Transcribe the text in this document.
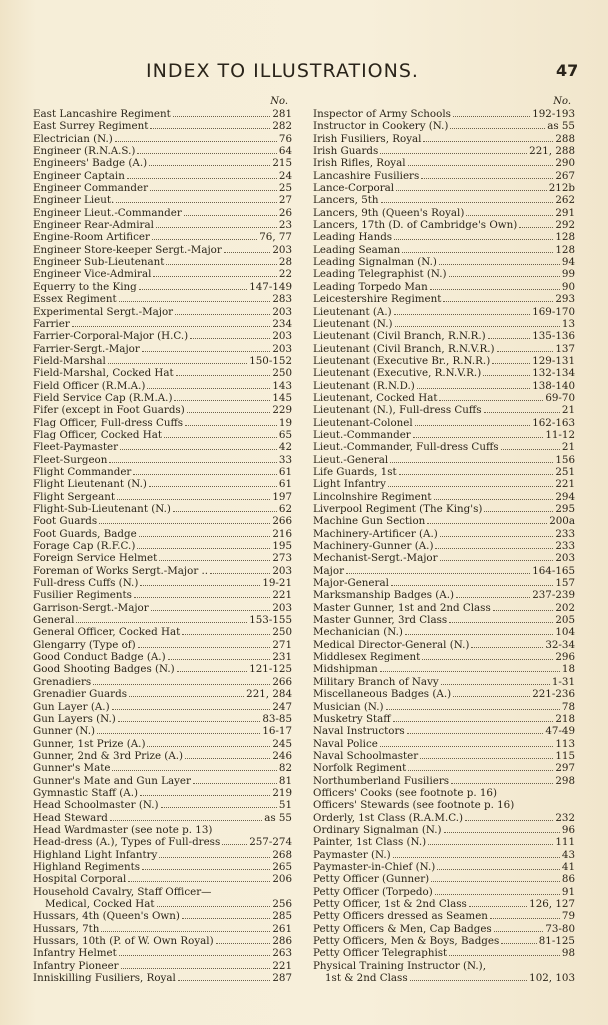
INDEX TO ILLUSTRATIONS.	47
No.
East Lancashire Regiment	281
East Surrey Regiment	282
Electrician (N.)	76
Engineer (R.N.A.S.)	64
Engineers' Badge (A.)	215
Engineer Captain	24
Engineer Commander	25
Engineer Lieut.	27
Engineer Lieut.-Commander	26
Engineer Rear-Admiral	23
Engine-Room Artificer	76, 77
Engineer Store-keeper Sergt.-Major	203
Engineer Sub-Lieutenant	28
Engineer Vice-Admiral	22
Equerry to the King	147-149
Essex Regiment	283
Experimental Sergt.-Major	203
Farrier	234
Farrier-Corporal-Major (H.C.)	203
Farrier-Sergt.-Major	203
Field-Marshal	150-152
Field-Marshal, Cocked Hat	250
Field Officer (R.M.A.)	143
Field Service Cap (R.M.A.)	145
Fifer (except in Foot Guards)	229
Flag Officer, Full-dress Cuffs	19
Flag Officer, Cocked Hat	65
Fleet-Paymaster	42
Fleet-Surgeon	33
Flight Commander	61
Flight Lieutenant (N.)	61
Flight Sergeant	197
Flight-Sub-Lieutenant (N.)	62
Foot Guards	266
Foot Guards, Badge	216
Forage Cap (R.F.C.)	195
Foreign Service Helmet	273
Foreman of Works Sergt.-Major ..	203
Full-dress Cuffs (N.)	19-21
Fusilier Regiments	221
Garrison-Sergt.-Major	203
General	153-155
General Officer, Cocked Hat	250
Glengarry (Type of)	271
Good Conduct Badge (A.)	231
Good Shooting Badges (N.)	121-125
Grenadiers	266
Grenadier Guards	221, 284
Gun Layer (A.)	247
Gun Layers (N.)	83-85
Gunner (N.)	16-17
Gunner, 1st Prize (A.)	245
Gunner, 2nd & 3rd Prize (A.)	246
Gunner's Mate	82
Gunner's Mate and Gun Layer	81
Gymnastic Staff (A.)	219
Head Schoolmaster (N.)	51
Head Steward	as 55
Head Wardmaster (see note p. 13)
Head-dress (A.), Types of Full-dress	257-274
Highland Light Infantry	268
Highland Regiments	265
Hospital Corporal	206
Household Cavalry, Staff Officer—
Medical, Cocked Hat	256
Hussars, 4th (Queen's Own)	285
Hussars, 7th	261
Hussars, 10th (P. of W. Own Royal)	286
Infantry Helmet	263
Infantry Pioneer	221
Inniskilling Fusiliers, Royal	287
No.
Inspector of Army Schools	192-193
Instructor in Cookery (N.)	as 55
Irish Fusiliers, Royal	288
Irish Guards	221, 288
Irish Rifles, Royal	290
Lancashire Fusiliers	267
Lance-Corporal	212b
Lancers, 5th	262
Lancers, 9th (Queen's Royal)	291
Lancers, 17th (D. of Cambridge's Own)	292
Leading Hands	128
Leading Seaman	128
Leading Signalman (N.)	94
Leading Telegraphist (N.)	99
Leading Torpedo Man	90
Leicestershire Regiment	293
Lieutenant (A.)	169-170
Lieutenant (N.)	13
Lieutenant (Civil Branch, R.N.R.)	135-136
Lieutenant (Civil Branch, R.N.V.R.)	137
Lieutenant (Executive Br., R.N.R.)	129-131
Lieutenant (Executive, R.N.V.R.)	132-134
Lieutenant (R.N.D.)	138-140
Lieutenant, Cocked Hat	69-70
Lieutenant (N.), Full-dress Cuffs	21
Lieutenant-Colonel	162-163
Lieut.-Commander	11-12
Lieut.-Commander, Full-dress Cuffs	21
Lieut.-General	156
Life Guards, 1st	251
Light Infantry	221
Lincolnshire Regiment	294
Liverpool Regiment (The King's)	295
Machine Gun Section	200a
Machinery-Artificer (A.)	233
Machinery-Gunner (A.)	233
Mechanist-Sergt.-Major	203
Major	164-165
Major-General	157
Marksmanship Badges (A.)	237-239
Master Gunner, 1st and 2nd Class	202
Master Gunner, 3rd Class	205
Mechanician (N.)	104
Medical Director-General (N.)	32-34
Middlesex Regiment	296
Midshipman	18
Military Branch of Navy	1-31
Miscellaneous Badges (A.)	221-236
Musician (N.)	78
Musketry Staff	218
Naval Instructors	47-49
Naval Police	113
Naval Schoolmaster	115
Norfolk Regiment	297
Northumberland Fusiliers	298
Officers' Cooks (see footnote p. 16)
Officers' Stewards (see footnote p. 16)
Orderly, 1st Class (R.A.M.C.)	232
Ordinary Signalman (N.)	96
Painter, 1st Class (N.)	111
Paymaster (N.)	43
Paymaster-in-Chief (N.)	41
Petty Officer (Gunner)	86
Petty Officer (Torpedo)	91
Petty Officer, 1st & 2nd Class	126, 127
Petty Officers dressed as Seamen	79
Petty Officers & Men, Cap Badges	73-80
Petty Officers, Men & Boys, Badges	81-125
Petty Officer Telegraphist	98
Physical Training Instructor (N.),
1st & 2nd Class	102, 103
